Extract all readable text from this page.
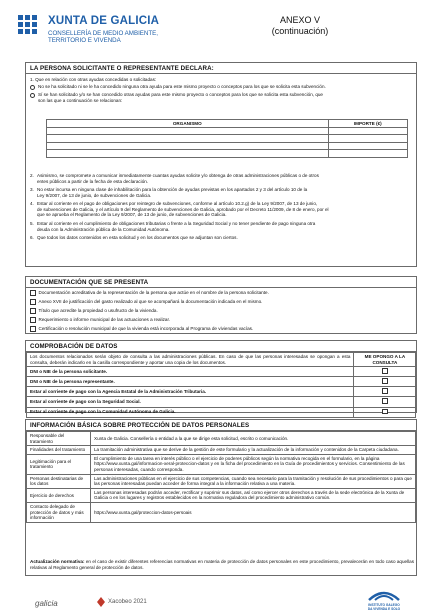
XUNTA DE GALICIA
CONSELLERÍA DE MEDIO AMBIENTE,
TERRITORIO E VIVENDA
ANEXO V
(continuación)
LA PERSONA SOLICITANTE O REPRESENTANTE DECLARA:
1. Que en relación con otras ayudas concedidas o solicitadas:
No se ha solicitado ni se le ha concedido ninguna otra ayuda para este mismo proyecto o conceptos para los que se solicita esta subvención.
Sí se han solicitado y/o se han concedido otras ayudas para este mismo proyecto o conceptos para los que se solicita esta subvención, que
son las que a continuación se relacionan:
ORGANISMO	IMPORTE (€)

2. Asimismo, se compromete a comunicar inmediatamente cuantas ayudas solicite y/o obtenga de otras administraciones públicas o de otros
entes públicos a partir de la fecha de esta declaración.
3. No estar incursa en ninguna clase de inhabilitación para la obtención de ayudas previstas en los apartados 2 y 3 del artículo 10 de la
Ley 9/2007, de 13 de junio, de subvenciones de Galicia.
4. Estar al corriente en el pago de obligaciones por reintegro de subvenciones, conforme al artículo 10.2.g) de la Ley 9/2007, de 13 de junio,
de subvenciones de Galicia, y el artículo 9 del Reglamento de subvenciones de Galicia, aprobado por el Decreto 11/2009, de 8 de enero, por el
que se aprueba el Reglamento de la Ley 9/2007, de 13 de junio, de subvenciones de Galicia.
5. Estar al corriente en el cumplimiento de obligaciones tributarias o frente a la Seguridad Social y no tener pendiente de pago ninguna otra
deuda con la Administración pública de la Comunidad Autónoma.
6. Que todos los datos contenidos en esta solicitud y en los documentos que se adjuntan son ciertos.
DOCUMENTACIÓN QUE SE PRESENTA
Documentación acreditativa de la representación de la persona que actúe en el nombre de la persona solicitante.
Anexo XVII de justificación del gasto realizado al que se acompañará la documentación indicada en el mismo.
Título que acredite la propiedad o usufructo de la vivienda.
Requerimiento o informe municipal de las actuaciones a realizar.
Certificación o resolución municipal de que la vivienda está incorporada al Programa de viviendas vacías.
COMPROBACIÓN DE DATOS
Los documentos relacionados serán objeto de consulta a las administraciones públicas. En caso de que las personas interesadas se opongan a esta consulta, deberán indicarlo en la casilla correspondiente y aportar una copia de los documentos.	ME OPONGO A LA CONSULTA
DNI o NIE de la persona solicitante.	
DNI o NIE de la persona representante.	
Estar al corriente de pago con la Agencia Estatal de la Administración Tributaria.	
Estar al corriente de pago con la Seguridad Social.	
Estar al corriente de pago con la Comunidad Autónoma de Galicia.	
INFORMACIÓN BÁSICA SOBRE PROTECCIÓN DE DATOS PERSONALES
Responsable del tratamiento	Xunta de Galicia. Consellería o entidad a la que se dirige esta solicitud, escrito o comunicación.
Finalidades del tratamiento	La tramitación administrativa que se derive de la gestión de este formulario y la actualización de la información y contenidos de la Carpeta ciudadana.
Legitimación para el tratamiento	El cumplimiento de una tarea en interés público o el ejercicio de poderes públicos según la normativa recogida en el formulario, en la página https://www.xunta.gal/informacion-xeral-proteccion-datos y en la ficha del procedimiento en la Guía de procedimientos y servicios. Consentimiento de las personas interesadas, cuando corresponda.
Personas destinatarias de los datos	Las administraciones públicas en el ejercicio de sus competencias, cuando sea necesario para la tramitación y resolución de sus procedimientos o para que las personas interesadas puedan acceder de forma integral a la información relativa a una materia.
Ejercicio de derechos	Las personas interesadas podrán acceder, rectificar y suprimir sus datos, así como ejercer otros derechos a través de la sede electrónica de la Xunta de Galicia o en los lugares y registros establecidos en la normativa reguladora del procedimiento administrativo común.
Contacto delegado de protección de datos y más información	https://www.xunta.gal/proteccion-datos-persoais
Actualización normativa: en el caso de existir diferentes referencias normativas en materia de protección de datos personales en este procedimiento, prevalecerán en todo caso aquellas relativas al Reglamento general de protección de datos.
galicia	Xacobeo 2021	INSTITUTO GALEGO
DA VIVENDA E SOLO
